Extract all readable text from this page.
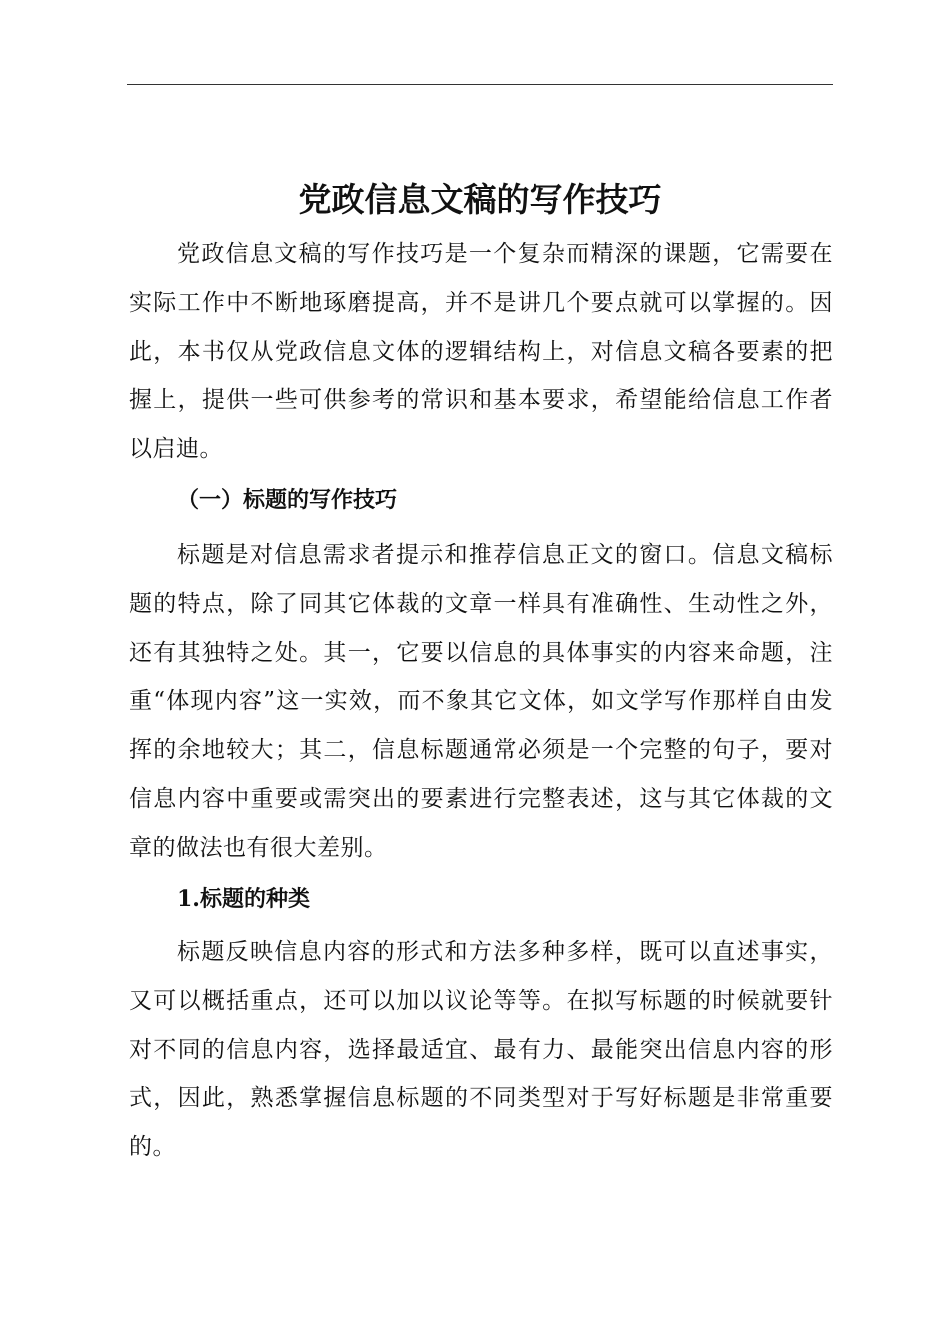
党政信息文稿的写作技巧

党政信息文稿的写作技巧是一个复杂而精深的课题，它需要在实际工作中不断地琢磨提高，并不是讲几个要点就可以掌握的。因此，本书仅从党政信息文体的逻辑结构上，对信息文稿各要素的把握上，提供一些可供参考的常识和基本要求，希望能给信息工作者以启迪。

（一）标题的写作技巧

标题是对信息需求者提示和推荐信息正文的窗口。信息文稿标题的特点，除了同其它体裁的文章一样具有准确性、生动性之外，还有其独特之处。其一，它要以信息的具体事实的内容来命题，注重“体现内容”这一实效，而不象其它文体，如文学写作那样自由发挥的余地较大；其二，信息标题通常必须是一个完整的句子，要对信息内容中重要或需突出的要素进行完整表述，这与其它体裁的文章的做法也有很大差别。

1.标题的种类

标题反映信息内容的形式和方法多种多样，既可以直述事实，又可以概括重点，还可以加以议论等等。在拟写标题的时候就要针对不同的信息内容，选择最适宜、最有力、最能突出信息内容的形式，因此，熟悉掌握信息标题的不同类型对于写好标题是非常重要的。
